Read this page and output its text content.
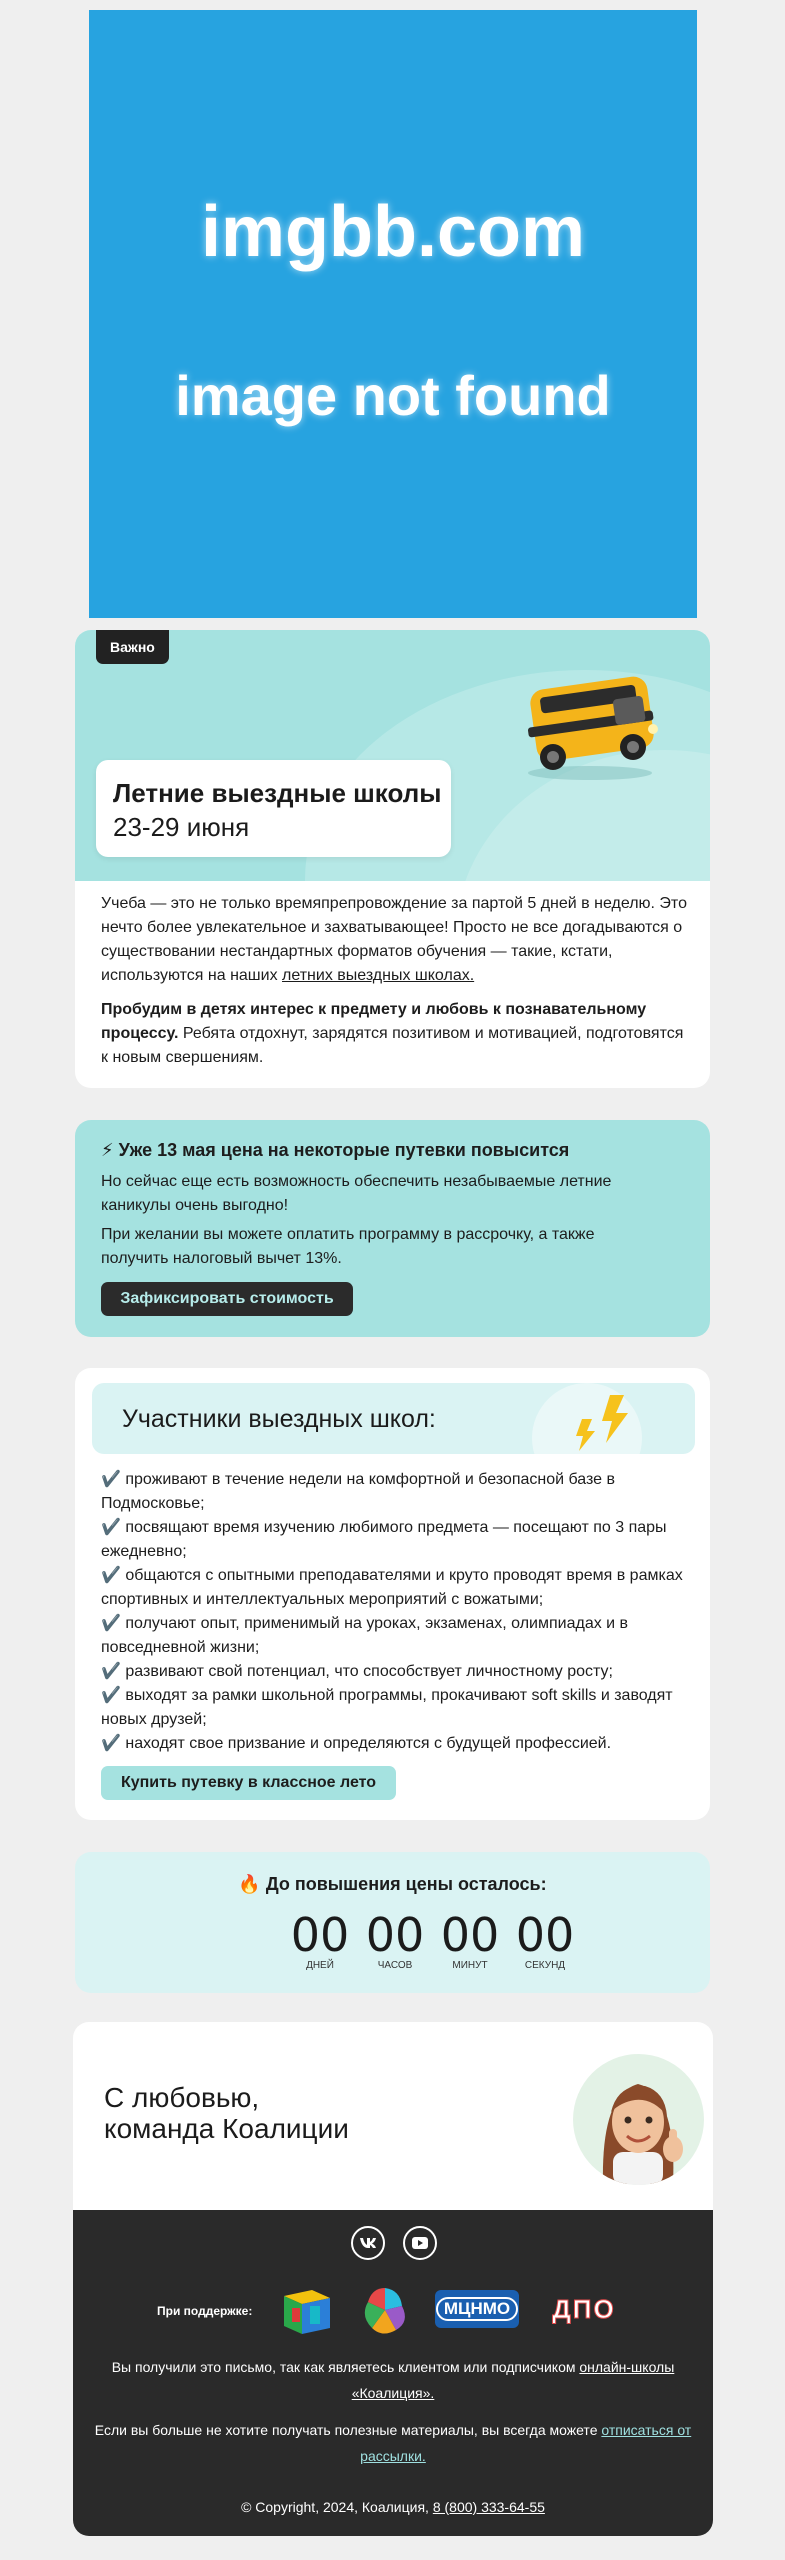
imgbb.com
image not found
Важно
Летние выездные школы
23-29 июня

Учеба — это не только времяпрепровождение за партой 5 дней в неделю. Это нечто более увлекательное и захватывающее! Просто не все догадываются о существовании нестандартных форматов обучения — такие, кстати, используются на наших летних выездных школах.

Пробудим в детях интерес к предмету и любовь к познавательному процессу. Ребята отдохнут, зарядятся позитивом и мотивацией, подготовятся к новым свершениям.

⚡ Уже 13 мая цена на некоторые путевки повысится

Но сейчас еще есть возможность обеспечить незабываемые летние каникулы очень выгодно!

При желании вы можете оплатить программу в рассрочку, а также получить налоговый вычет 13%.

Зафиксировать стоимость
Участники выездных школ:
✔️ проживают в течение недели на комфортной и безопасной базе в Подмосковье;
✔️ посвящают время изучению любимого предмета — посещают по 3 пары ежедневно;
✔️ общаются с опытными преподавателями и круто проводят время в рамках спортивных и интеллектуальных мероприятий с вожатыми;
✔️ получают опыт, применимый на уроках, экзаменах, олимпиадах и в повседневной жизни;
✔️ развивают свой потенциал, что способствует личностному росту;
✔️ выходят за рамки школьной программы, прокачивают soft skills и заводят новых друзей;
✔️ находят свое призвание и определяются с будущей профессией.
Купить путевку в классное лето
🔥 До повышения цены осталось:
00
ДНЕЙ
00
ЧАСОВ
00
МИНУТ
00
СЕКУНД
С любовью,
команда Коалиции
При поддержке:	МЦНМО	ДПО
Вы получили это письмо, так как являетесь клиентом или подписчиком онлайн-школы «Коалиция».
Если вы больше не хотите получать полезные материалы, вы всегда можете отписаться от рассылки.
© Copyright, 2024, Коалиция, 8 (800) 333-64-55
